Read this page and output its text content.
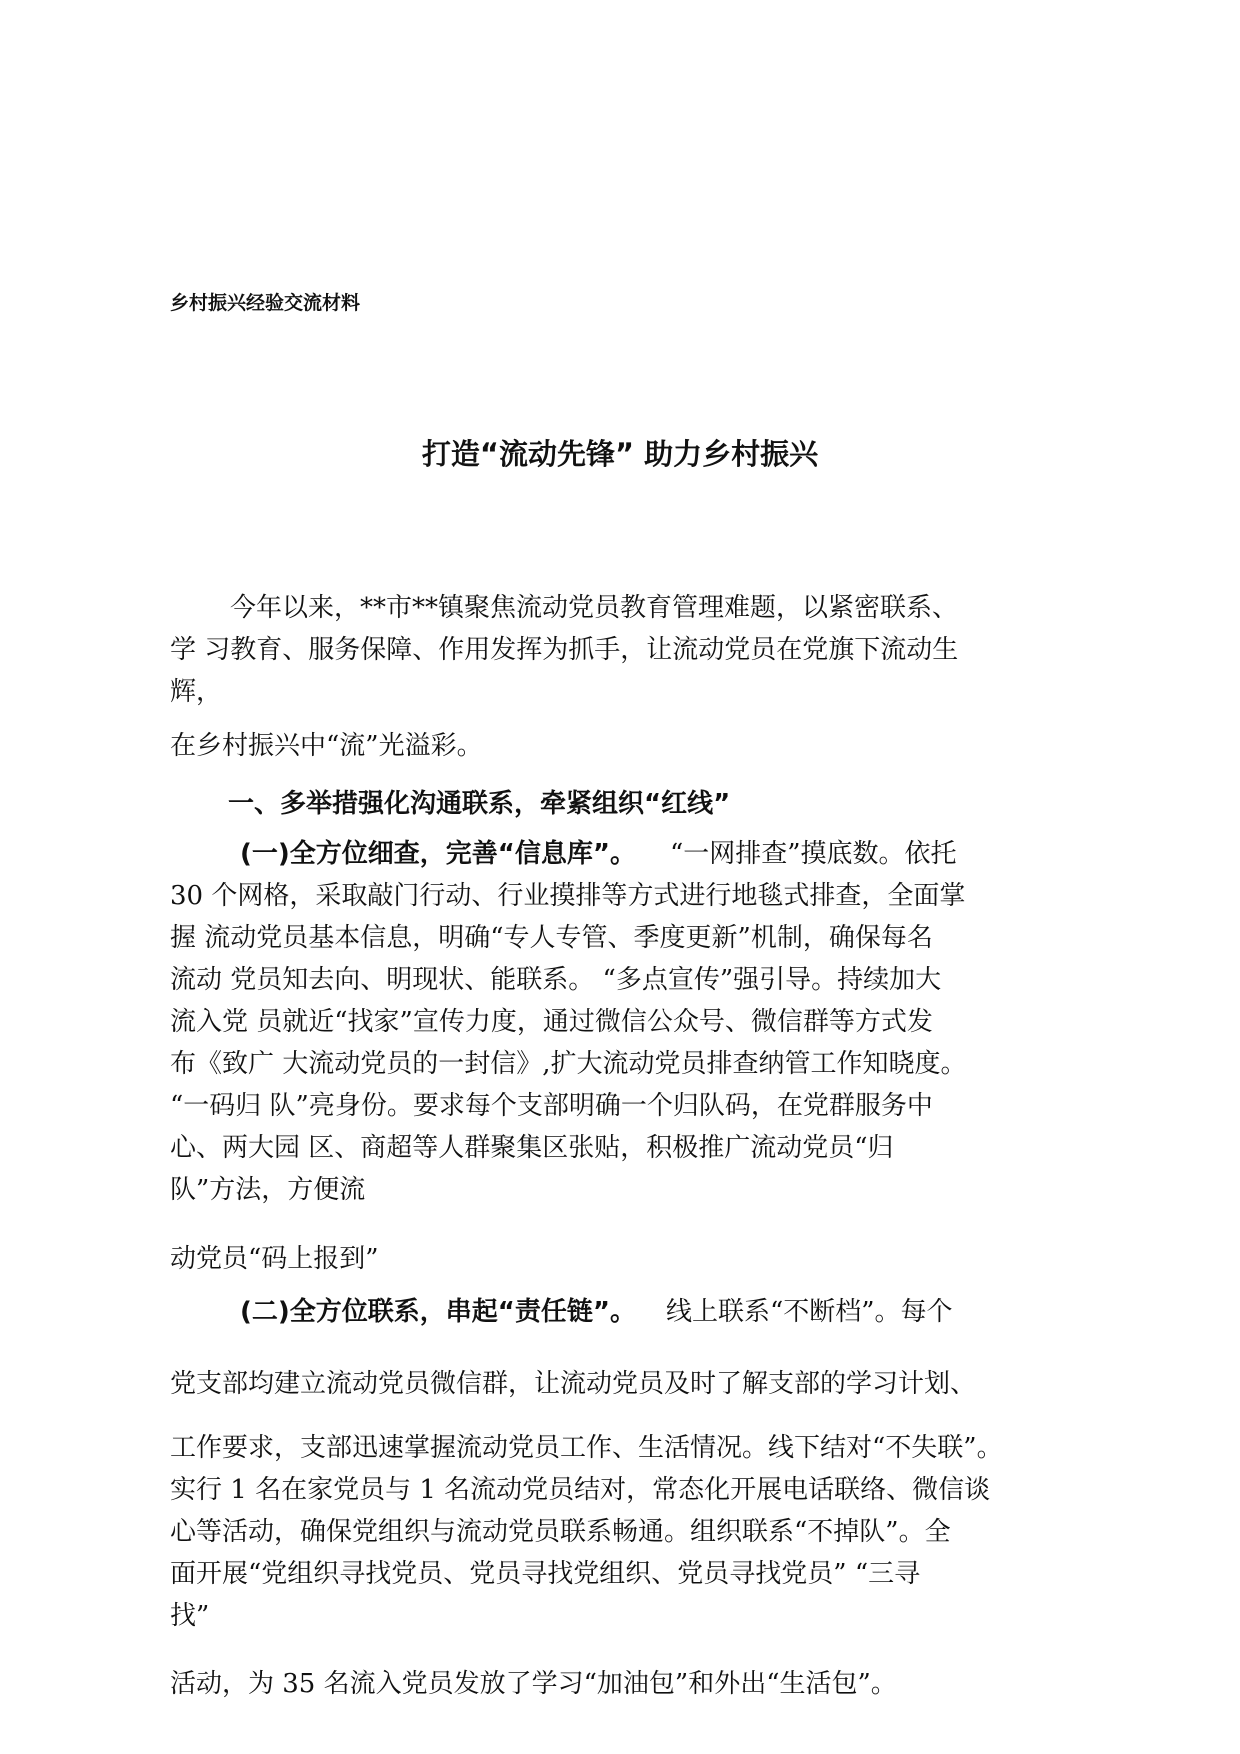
乡村振兴经验交流材料
打造“流动先锋” 助力乡村振兴
今年以来，**市**镇聚焦流动党员教育管理难题，以紧密联系、
学 习教育、服务保障、作用发挥为抓手，让流动党员在党旗下流动生
辉，
在乡村振兴中“流”光溢彩。
一、多举措强化沟通联系，牵紧组织“红线”
(一)全方位细查，完善“信息库”。 “一网排查”摸底数。依托
30 个网格，采取敲门行动、行业摸排等方式进行地毯式排查，全面掌
握 流动党员基本信息，明确“专人专管、季度更新”机制，确保每名
流动 党员知去向、明现状、能联系。 “多点宣传”强引导。持续加大
流入党 员就近“找家”宣传力度，通过微信公众号、微信群等方式发
布《致广 大流动党员的一封信》,扩大流动党员排查纳管工作知晓度。
“一码归 队”亮身份。要求每个支部明确一个归队码，在党群服务中
心、两大园 区、商超等人群聚集区张贴，积极推广流动党员“归
队”方法，方便流
动党员“码上报到”
(二)全方位联系，串起“责任链”。 线上联系“不断档”。每个
党支部均建立流动党员微信群，让流动党员及时了解支部的学习计划、
工作要求，支部迅速掌握流动党员工作、生活情况。线下结对“不失联”。
实行 1 名在家党员与 1 名流动党员结对，常态化开展电话联络、微信谈
心等活动，确保党组织与流动党员联系畅通。组织联系“不掉队”。全
面开展“党组织寻找党员、党员寻找党组织、党员寻找党员” “三寻
找”
活动，为 35 名流入党员发放了学习“加油包”和外出“生活包”。
